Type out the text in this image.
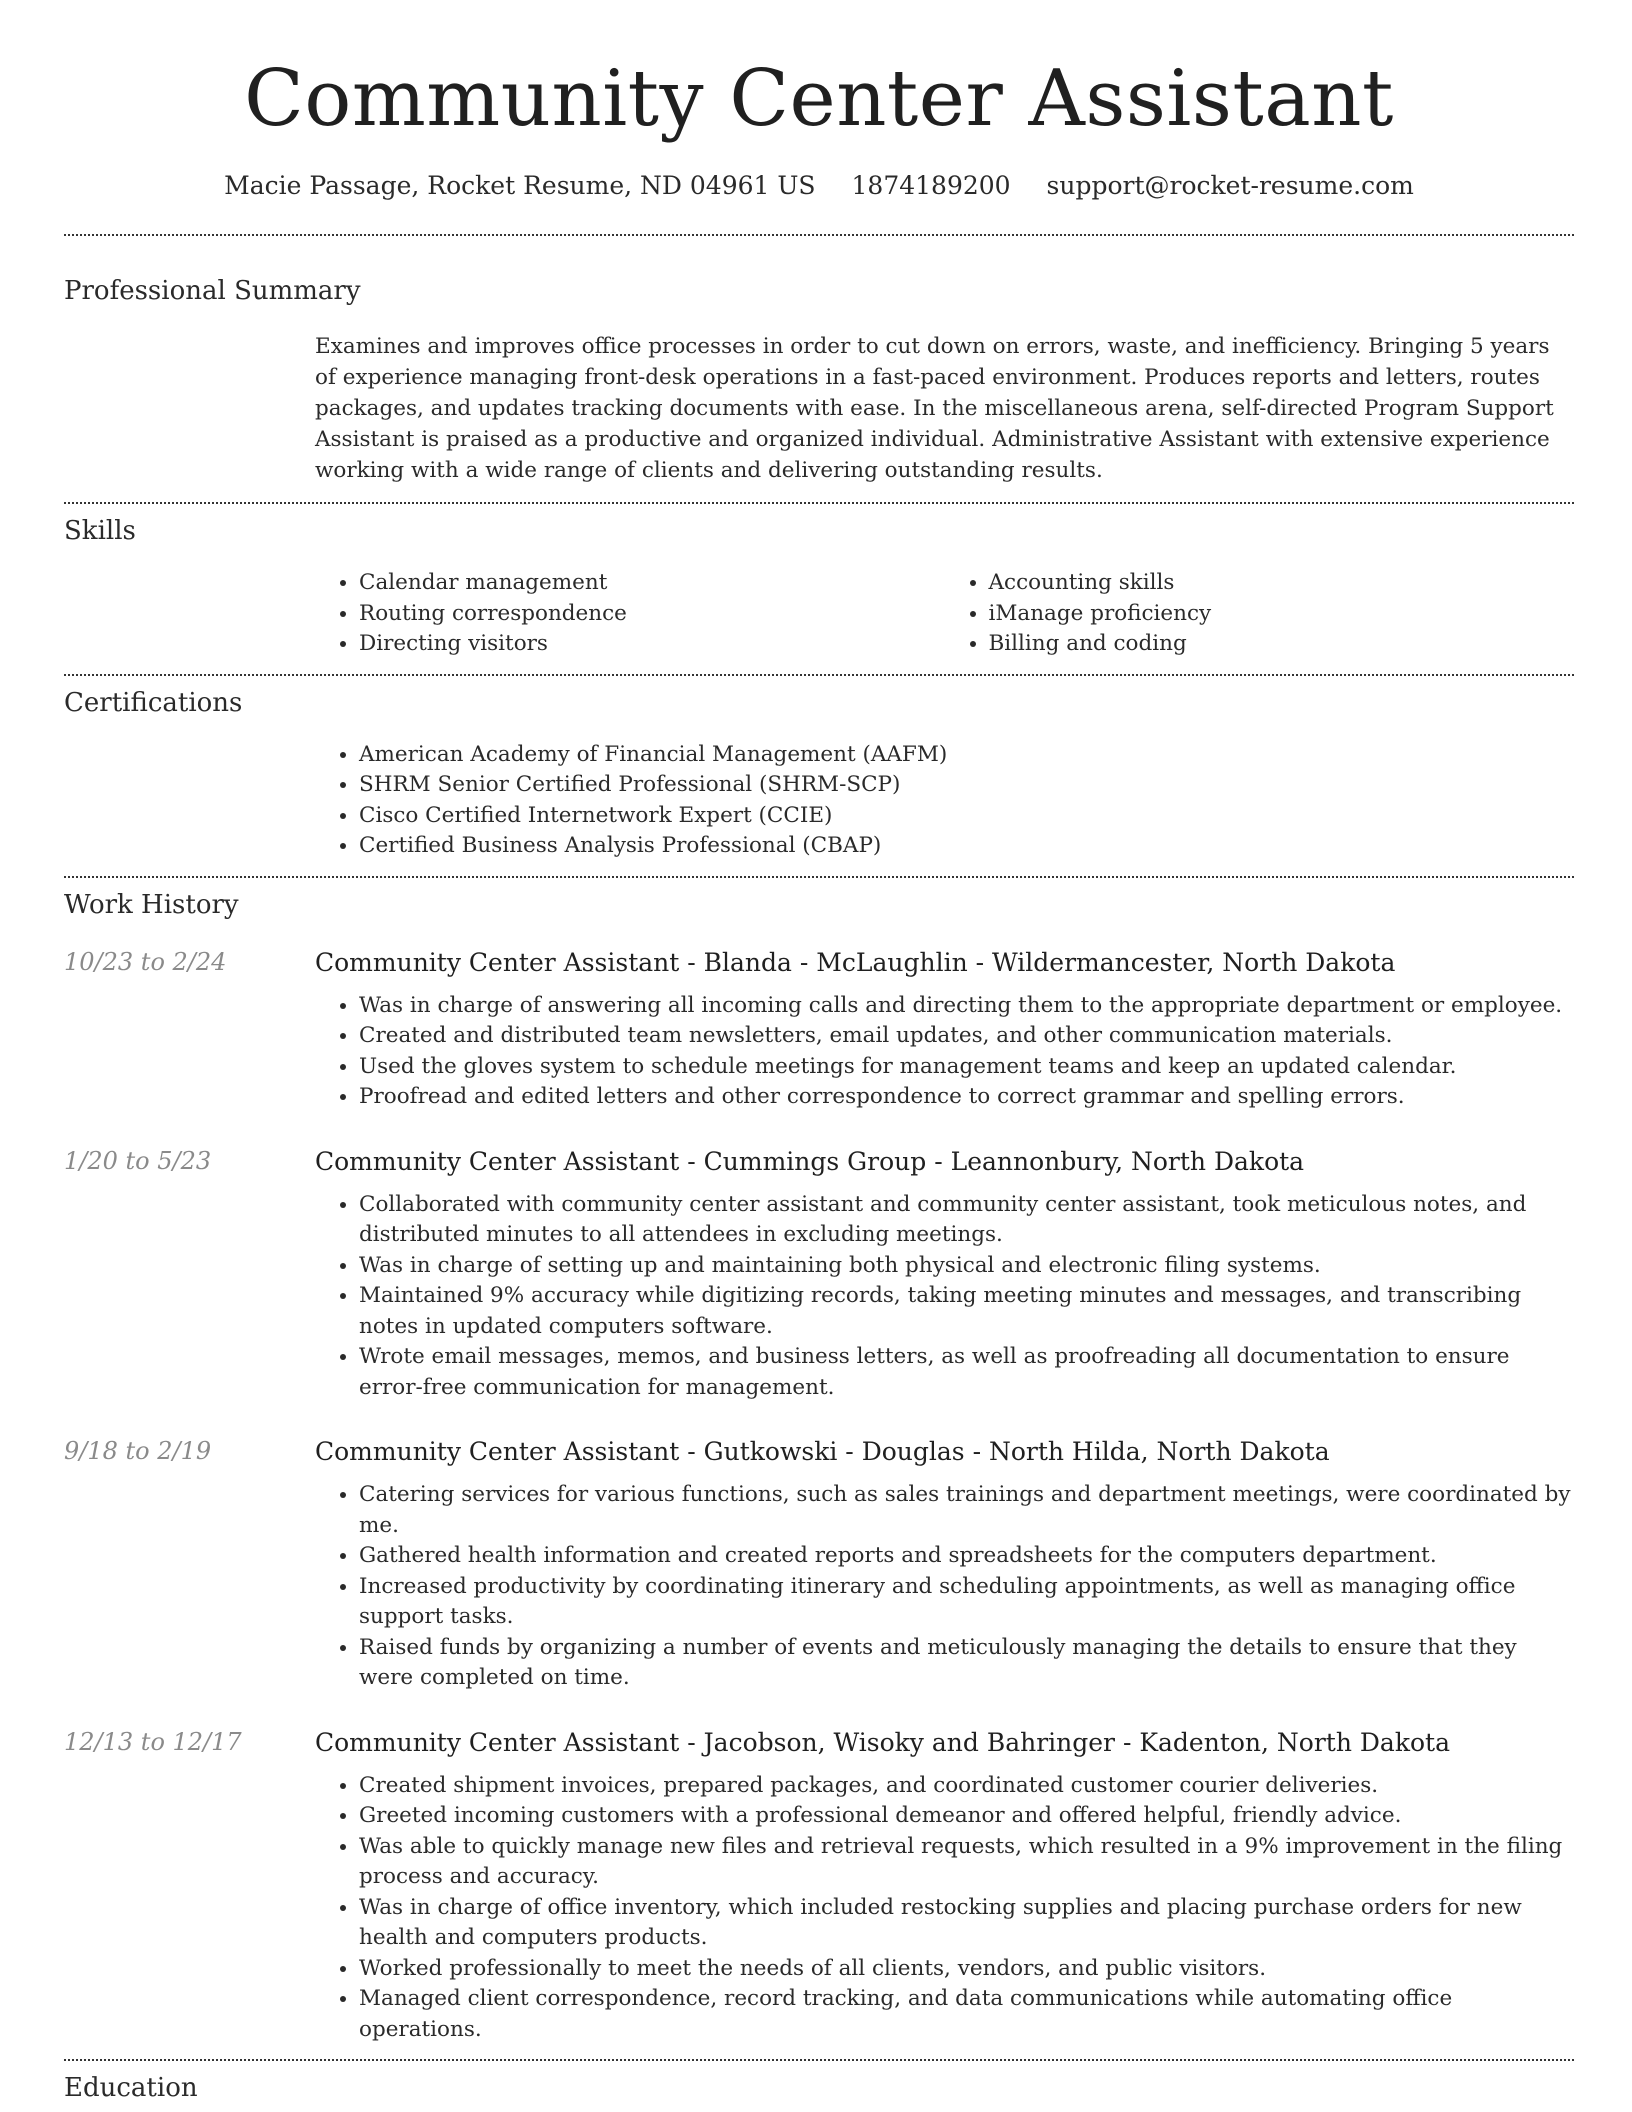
Community Center Assistant
Macie Passage, Rocket Resume, ND 04961 US 1874189200 support@rocket-resume.com
Professional Summary
Examines and improves office processes in order to cut down on errors, waste, and inefficiency. Bringing 5 years of experience managing front-desk operations in a fast-paced environment. Produces reports and letters, routes packages, and updates tracking documents with ease. In the miscellaneous arena, self-directed Program Support Assistant is praised as a productive and organized individual. Administrative Assistant with extensive experience working with a wide range of clients and delivering outstanding results.
Skills
• Calendar management
• Routing correspondence
• Directing visitors
• Accounting skills
• iManage proficiency
• Billing and coding
Certifications
• American Academy of Financial Management (AAFM)
• SHRM Senior Certified Professional (SHRM-SCP)
• Cisco Certified Internetwork Expert (CCIE)
• Certified Business Analysis Professional (CBAP)
Work History
10/23 to 2/24	Community Center Assistant - Blanda - McLaughlin - Wildermancester, North Dakota
• Was in charge of answering all incoming calls and directing them to the appropriate department or employee.
• Created and distributed team newsletters, email updates, and other communication materials.
• Used the gloves system to schedule meetings for management teams and keep an updated calendar.
• Proofread and edited letters and other correspondence to correct grammar and spelling errors.
1/20 to 5/23	Community Center Assistant - Cummings Group - Leannonbury, North Dakota
• Collaborated with community center assistant and community center assistant, took meticulous notes, and distributed minutes to all attendees in excluding meetings.
• Was in charge of setting up and maintaining both physical and electronic filing systems.
• Maintained 9% accuracy while digitizing records, taking meeting minutes and messages, and transcribing notes in updated computers software.
• Wrote email messages, memos, and business letters, as well as proofreading all documentation to ensure error-free communication for management.
9/18 to 2/19	Community Center Assistant - Gutkowski - Douglas - North Hilda, North Dakota
• Catering services for various functions, such as sales trainings and department meetings, were coordinated by me.
• Gathered health information and created reports and spreadsheets for the computers department.
• Increased productivity by coordinating itinerary and scheduling appointments, as well as managing office support tasks.
• Raised funds by organizing a number of events and meticulously managing the details to ensure that they were completed on time.
12/13 to 12/17	Community Center Assistant - Jacobson, Wisoky and Bahringer - Kadenton, North Dakota
• Created shipment invoices, prepared packages, and coordinated customer courier deliveries.
• Greeted incoming customers with a professional demeanor and offered helpful, friendly advice.
• Was able to quickly manage new files and retrieval requests, which resulted in a 9% improvement in the filing process and accuracy.
• Was in charge of office inventory, which included restocking supplies and placing purchase orders for new health and computers products.
• Worked professionally to meet the needs of all clients, vendors, and public visitors.
• Managed client correspondence, record tracking, and data communications while automating office operations.
Education
